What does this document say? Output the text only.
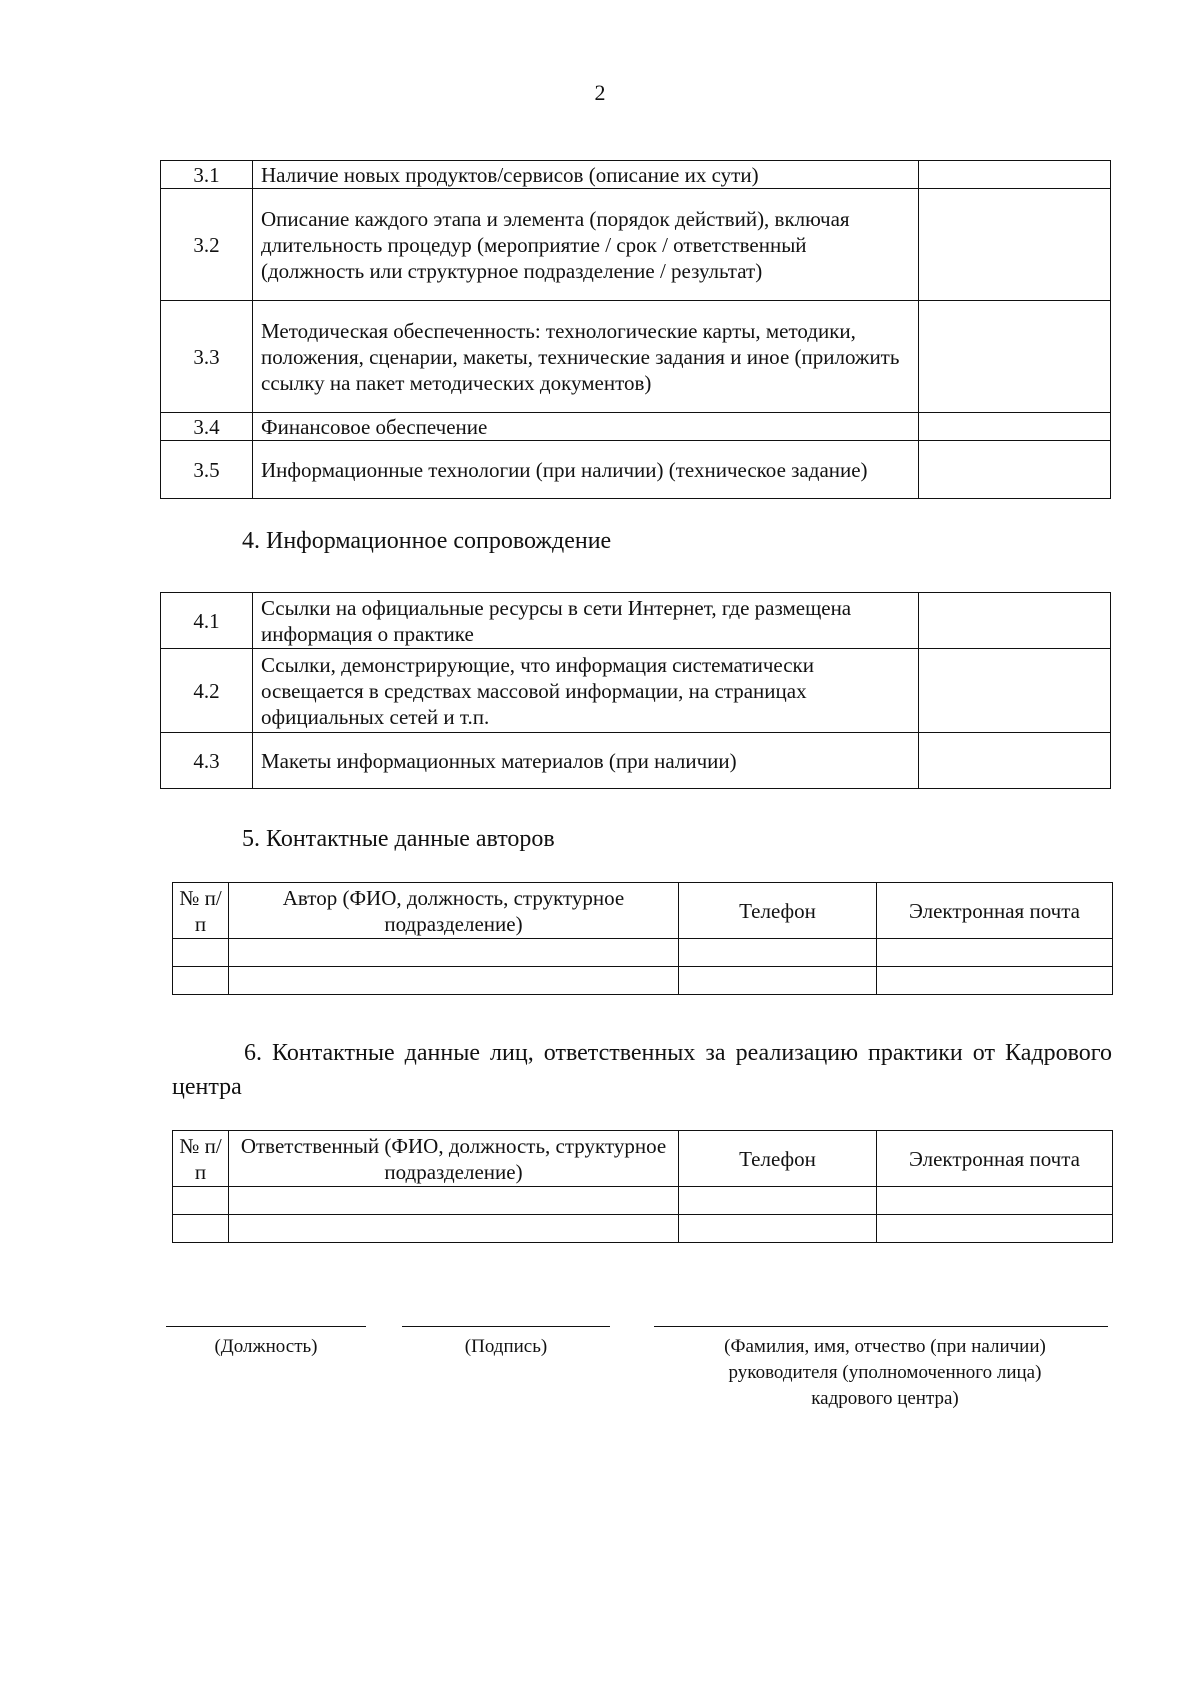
2
3.1	Наличие новых продуктов/сервисов (описание их сути)	
3.2	Описание каждого этапа и элемента (порядок действий), включая длительность процедур (мероприятие / срок / ответственный (должность или структурное подразделение / результат)	
3.3	Методическая обеспеченность: технологические карты, методики, положения, сценарии, макеты, технические задания и иное (приложить ссылку на пакет методических документов)	
3.4	Финансовое обеспечение	
3.5	Информационные технологии (при наличии) (техническое задание)	
4. Информационное сопровождение
4.1	Ссылки на официальные ресурсы в сети Интернет, где размещена информация о практике	
4.2	Ссылки, демонстрирующие, что информация систематически освещается в средствах массовой информации, на страницах официальных сетей и т.п.	
4.3	Макеты информационных материалов (при наличии)	
5. Контактные данные авторов
№ п/п	Автор (ФИО, должность, структурное подразделение)	Телефон	Электронная почта

6. Контактные данные лиц, ответственных за реализацию практики от Кадрового центра
№ п/п	Ответственный (ФИО, должность, структурное подразделение)	Телефон	Электронная почта

(Должность)	(Подпись)	(Фамилия, имя, отчество (при наличии) руководителя (уполномоченного лица) кадрового центра)
